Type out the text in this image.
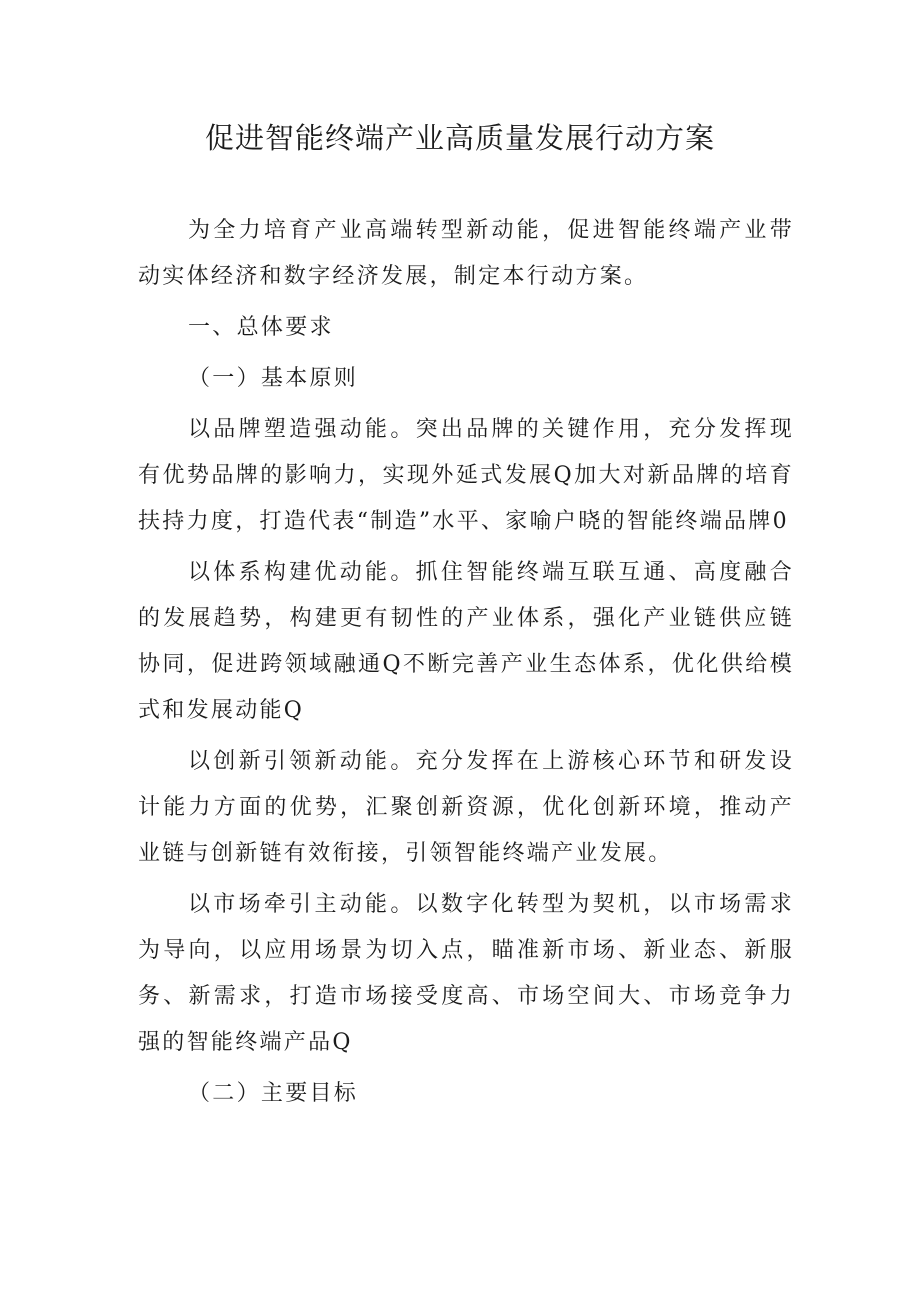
促进智能终端产业高质量发展行动方案

为全力培育产业高端转型新动能，促进智能终端产业带动实体经济和数字经济发展，制定本行动方案。

一、总体要求

（一）基本原则

以品牌塑造强动能。突出品牌的关键作用，充分发挥现有优势品牌的影响力，实现外延式发展Q加大对新品牌的培育扶持力度，打造代表“制造”水平、家喻户晓的智能终端品牌0

以体系构建优动能。抓住智能终端互联互通、高度融合的发展趋势，构建更有韧性的产业体系，强化产业链供应链协同，促进跨领域融通Q不断完善产业生态体系，优化供给模式和发展动能Q

以创新引领新动能。充分发挥在上游核心环节和研发设计能力方面的优势，汇聚创新资源，优化创新环境，推动产业链与创新链有效衔接，引领智能终端产业发展。

以市场牵引主动能。以数字化转型为契机，以市场需求为导向，以应用场景为切入点，瞄准新市场、新业态、新服务、新需求，打造市场接受度高、市场空间大、市场竞争力强的智能终端产品Q

（二）主要目标
